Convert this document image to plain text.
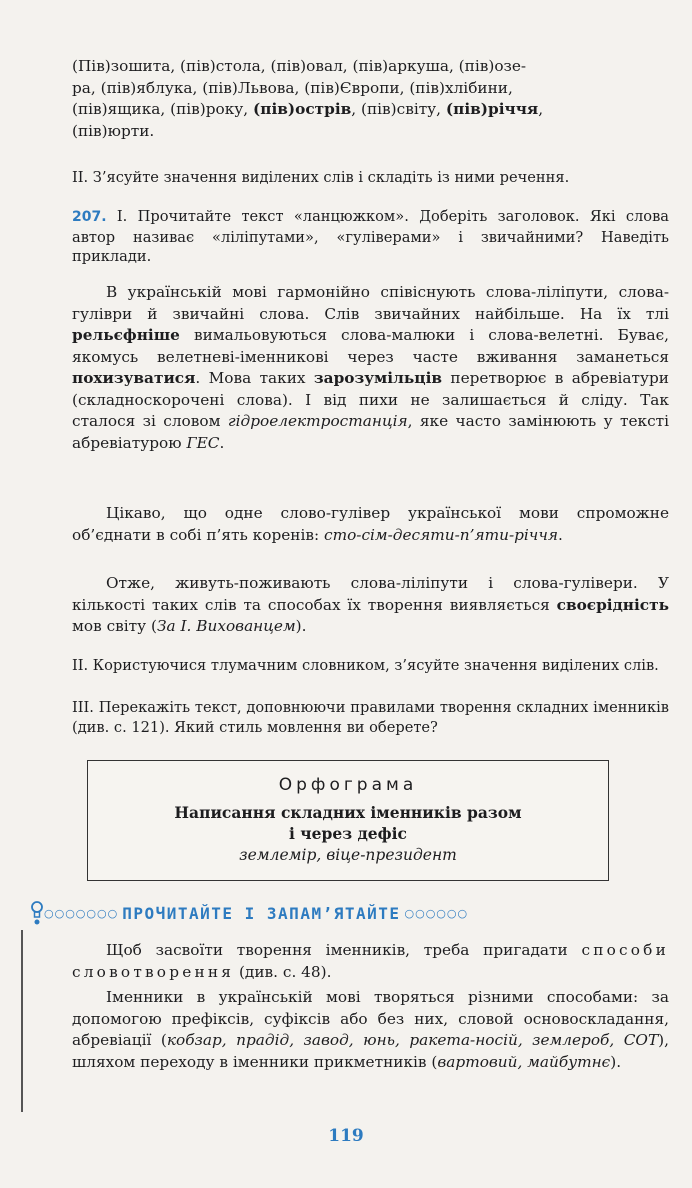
(Пів)зошита, (пів)стола, (пів)овал, (пів)аркуша, (пів)озе-
ра, (пів)яблука, (пів)Львова, (пів)Європи, (пів)хлібини,
(пів)ящика, (пів)року, (пів)острів, (пів)світу, (пів)річчя,
(пів)юрти.
II. З’ясуйте значення виділених слів і складіть із ними речення.
207. І. Прочитайте текст «ланцюжком». Доберіть заголовок. Які слова автор називає «ліліпутами», «гуліверами» і звичайними? Наведіть приклади.
В українській мові гармонійно співіснують слова-ліліпути, слова-гуліври й звичайні слова. Слів звичайних найбільше. На їх тлі рельєфніше вимальовуються слова-малюки і слова-велетні. Буває, якомусь велетневі-іменникові через часте вживання заманеться похизуватися. Мова таких зарозумільців перетворює в абревіатури (складноскорочені слова). І від пихи не залишається й сліду. Так сталося зі словом гідроелектростанція, яке часто замінюють у тексті абревіатурою ГЕС.
Цікаво, що одне слово-гулівер української мови спроможне об’єднати в собі п’ять коренів: сто-сім-десяти-п’яти-річчя.
Отже, живуть-поживають слова-ліліпути і слова-гулівери. У кількості таких слів та способах їх творення виявляється своєрідність мов світу (За І. Вихованцем).
II. Користуючися тлумачним словником, з’ясуйте значення виділених слів.
III. Перекажіть текст, доповнюючи правилами творення складних іменників (див. с. 121). Який стиль мовлення ви оберете?
Орфограма
Написання складних іменників разом
і через дефіс
землемір, віце-президент
○○○○○○○ ПРОЧИТАЙТЕ І ЗАПАМ’ЯТАЙТЕ ○○○○○○
Щоб засвоїти творення іменників, треба пригадати способи словотворення (див. с. 48).
Іменники в українській мові творяться різними способами: за допомогою префіксів, суфіксів або без них, словой основоскладання, абревіації (кобзар, прадід, завод, юнь, ракета-носій, землероб, СОТ), шляхом переходу в іменники прикметників (вартовий, майбутнє).
119
